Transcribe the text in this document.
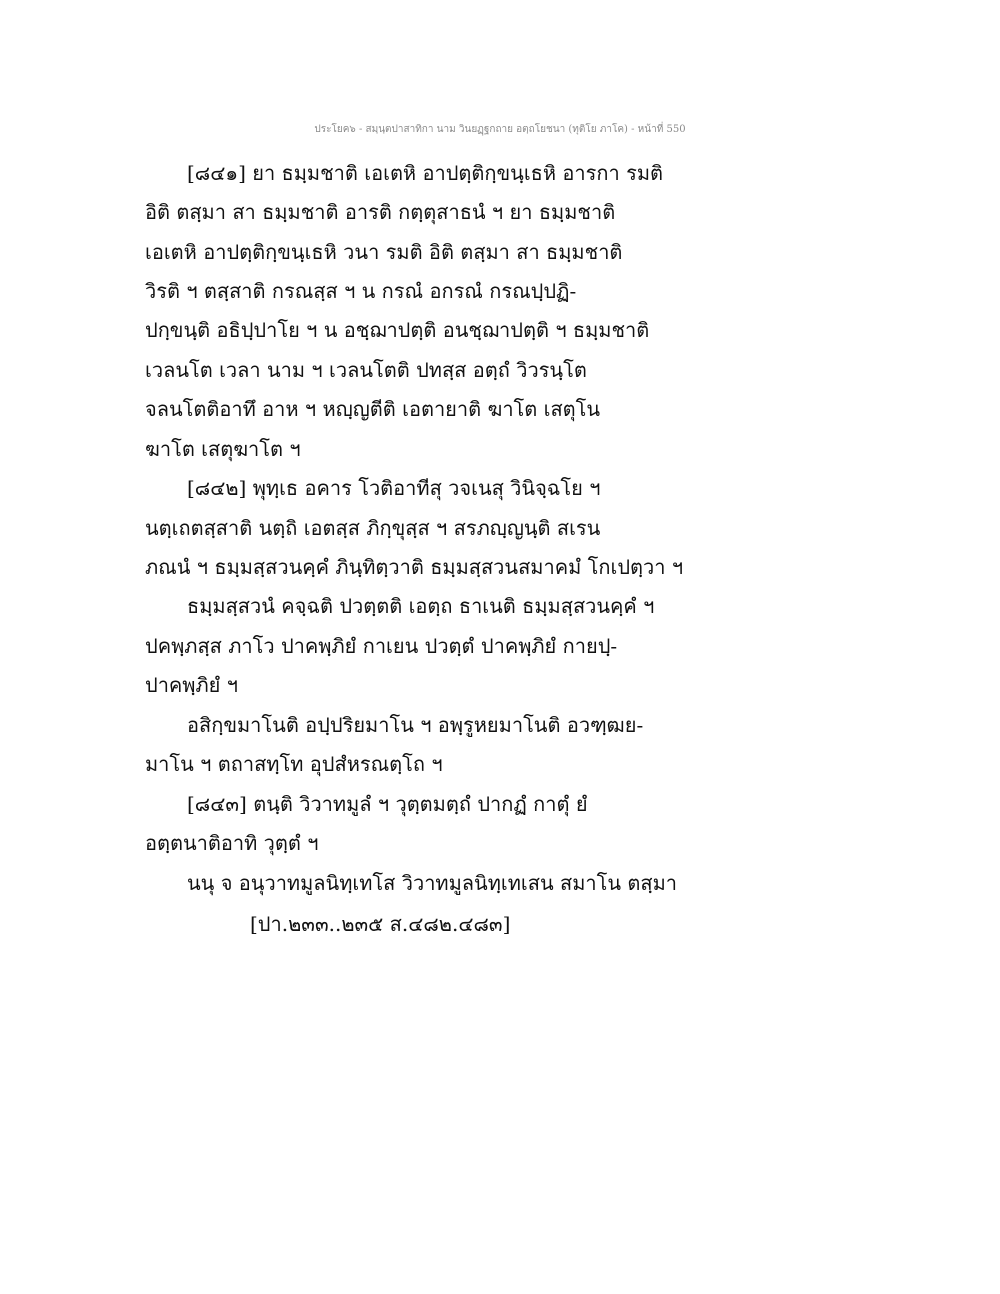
ประโยค๖ - สมฺนฺตปาสาทิกา นาม วินยฏฺฐกถาย อตฺถโยชนา (ทุติโย ภาโค) - หน้าที่ 550
[๘๔๑] ยา ธมฺมชาติ เอเตหิ อาปตฺติกฺขนฺเธหิ อารกา รมติ
อิติ ตสฺมา สา ธมฺมชาติ อารติ กตฺตุสาธนํ ฯ ยา ธมฺมชาติ
เอเตหิ อาปตฺติกฺขนฺเธหิ วนา รมติ อิติ ตสฺมา สา ธมฺมชาติ
วิรติ ฯ ตสฺสาติ กรณสฺส ฯ น กรณํ อกรณํ กรณปฺปฏิ-
ปกฺขนฺติ อธิปฺปาโย ฯ น อชฺฌาปตฺติ อนชฺฌาปตฺติ ฯ ธมฺมชาติ
เวลนโต เวลา นาม ฯ เวลนโตติ ปทสฺส อตฺถํ วิวรนฺโต
จลนโตติอาทึ อาห ฯ หญฺญตีติ เอตายาติ ฆาโต เสตุโน
ฆาโต เสตุฆาโต ฯ
[๘๔๒] พุทฺเธ อคาร โวติอาทีสุ วจเนสุ วินิจฺฉโย ฯ
นตฺเถตสฺสาติ นตฺถิ เอตสฺส ภิกฺขุสฺส ฯ สรภญฺญนฺติ สเรน
ภณนํ ฯ ธมฺมสฺสวนคฺคํ ภินฺทิตฺวาติ ธมฺมสฺสวนสมาคมํ โกเปตฺวา ฯ
ธมฺมสฺสวนํ คจฺฉติ ปวตฺตติ เอตฺถ ธาเนติ ธมฺมสฺสวนคฺคํ ฯ
ปคพฺภสฺส ภาโว ปาคพฺภิยํ กาเยน ปวตฺตํ ปาคพฺภิยํ กายปฺ-
ปาคพฺภิยํ ฯ
อสิกฺขมาโนติ อปฺปริยมาโน ฯ อพฺรูหยมาโนติ อวฑฺฒย-
มาโน ฯ ตถาสทฺโท อุปสํหรณตฺโถ ฯ
[๘๔๓] ตนฺติ วิวาทมูลํ ฯ วุตฺตมตฺถํ ปากฏํ กาตุํ ยํ
อตฺตนาติอาทิ วุตฺตํ ฯ
นนุ จ อนุวาทมูลนิทฺเทโส วิวาทมูลนิทฺเทเสน สมาโน ตสฺมา
[ปา.๒๓๓..๒๓๕ ส.๔๘๒.๔๘๓]
